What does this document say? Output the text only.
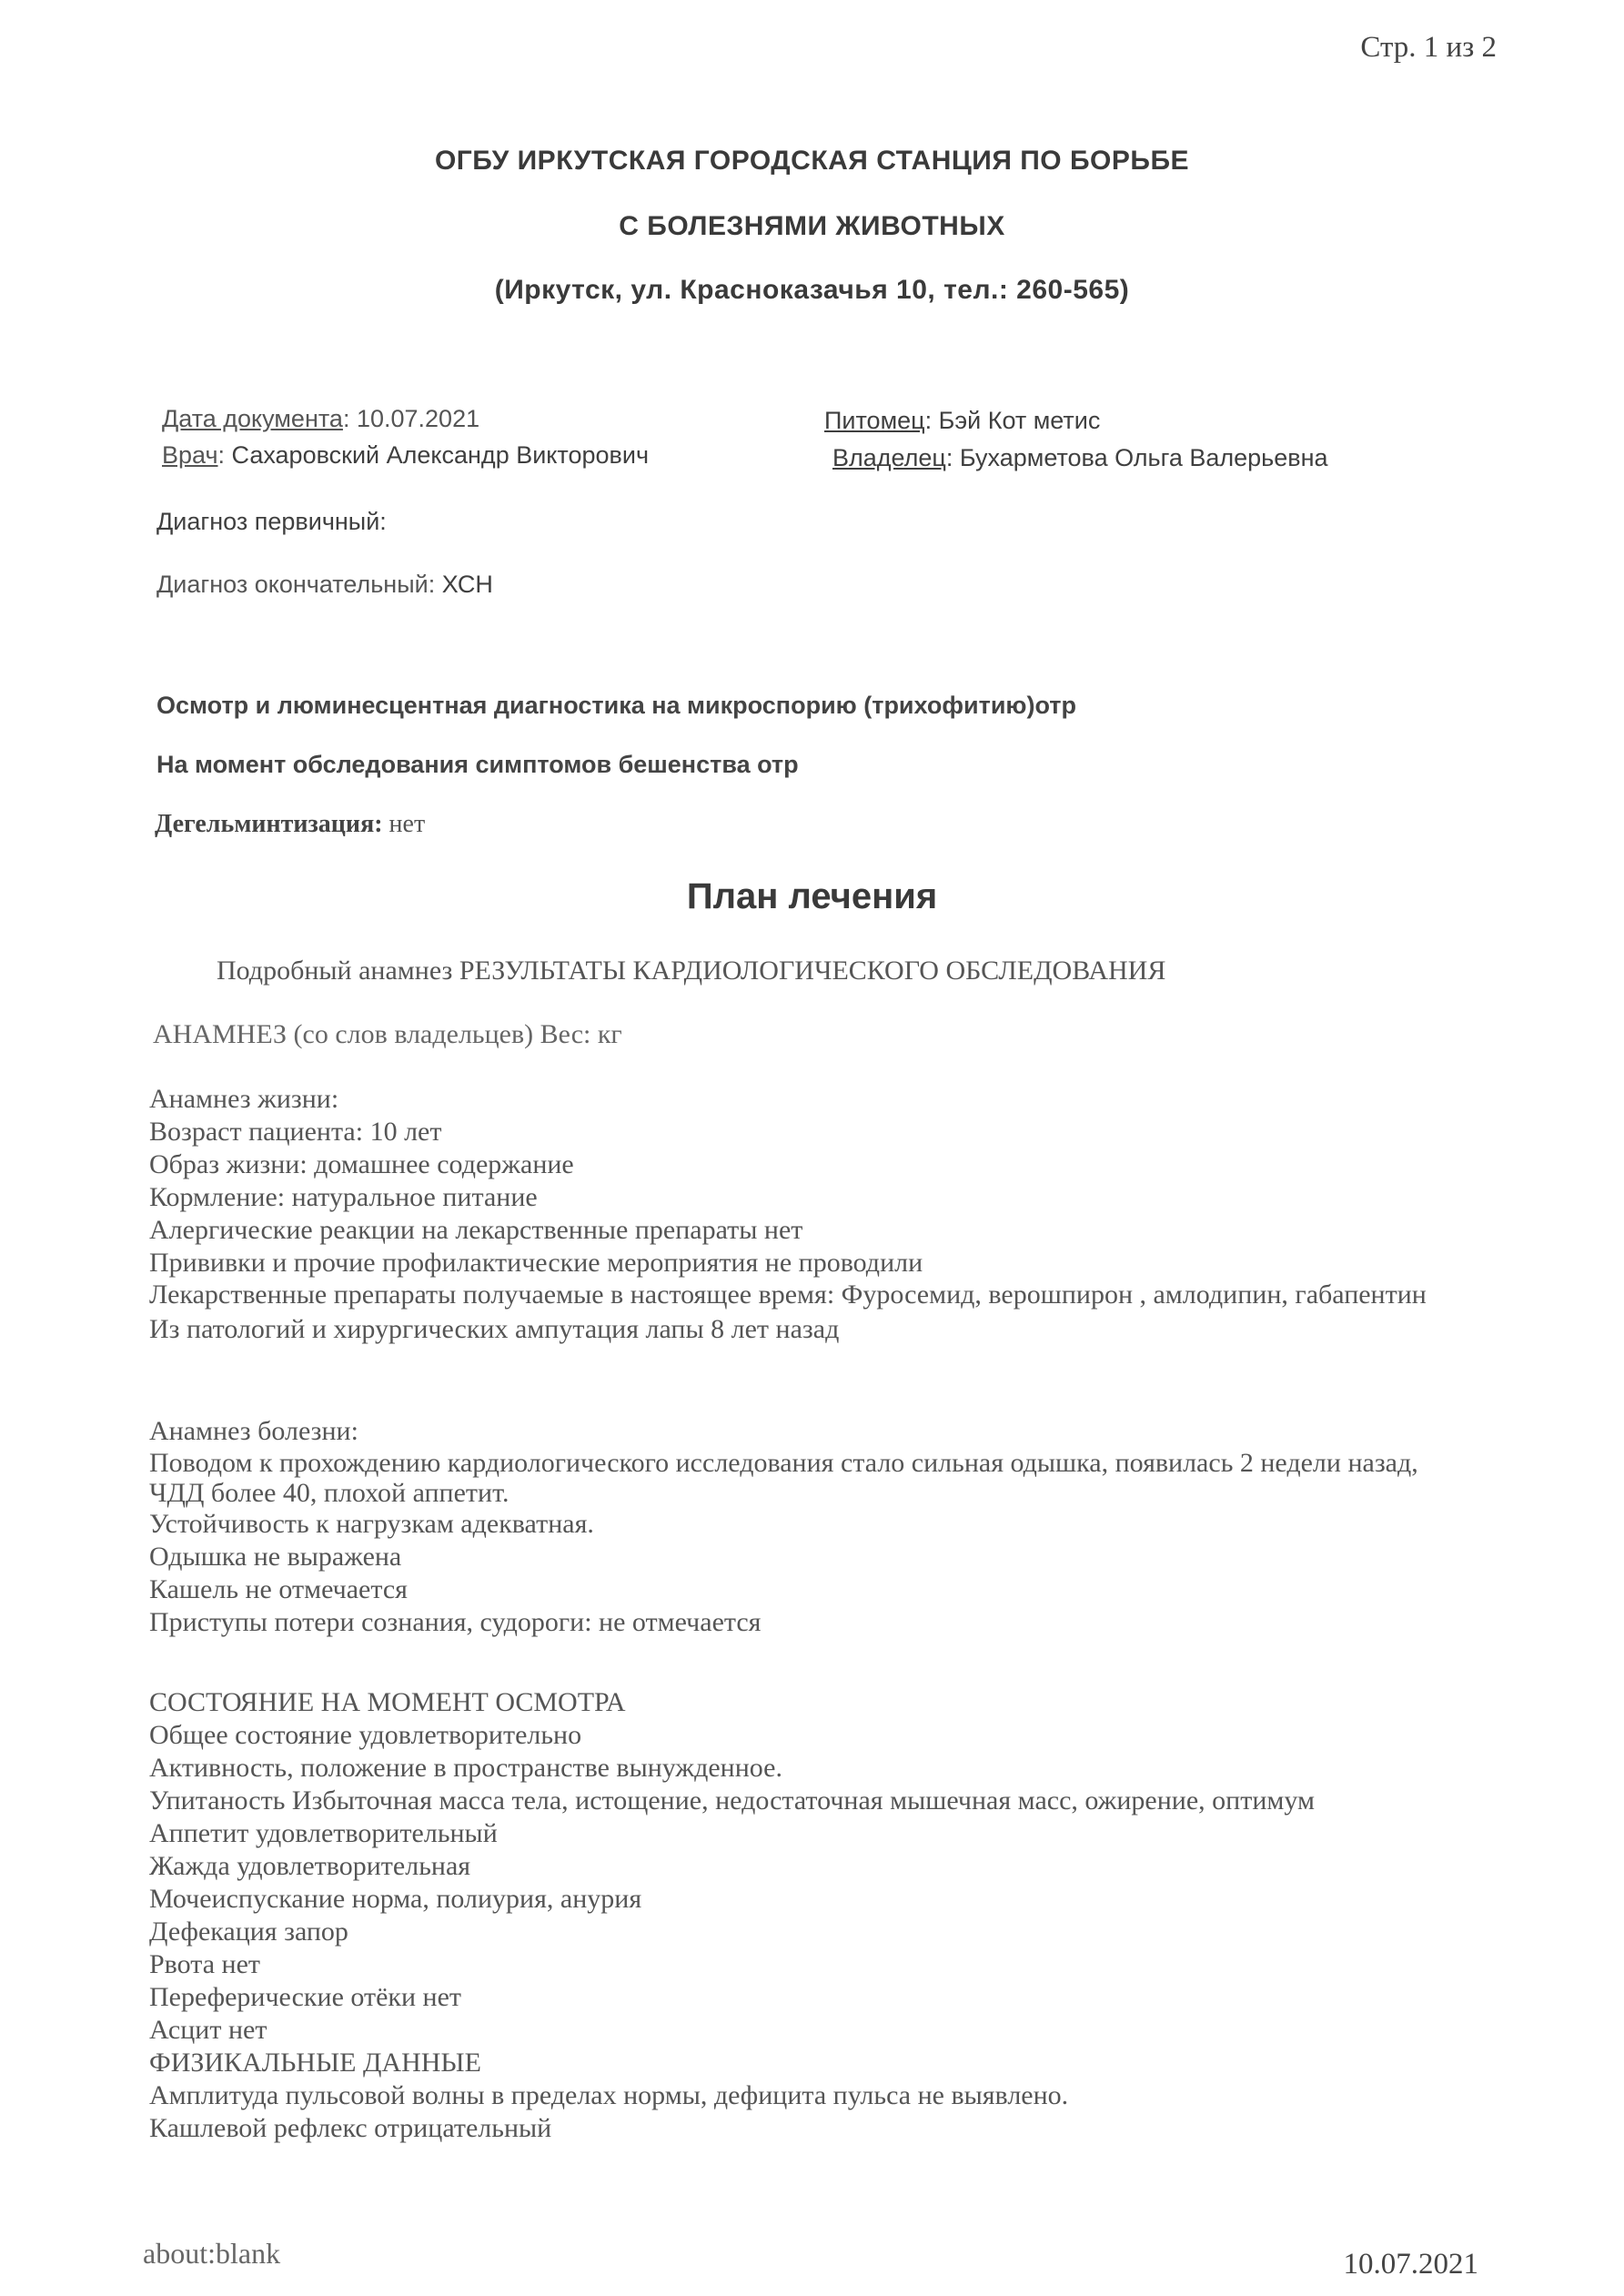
Стр. 1 из 2
ОГБУ ИРКУТСКАЯ ГОРОДСКАЯ СТАНЦИЯ ПО БОРЬБЕ
С БОЛЕЗНЯМИ ЖИВОТНЫХ
(Иркутск, ул. Красноказачья 10, тел.: 260-565)
Дата документа: 10.07.2021
Врач: Сахаровский Александр Викторович
Питомец: Бэй Кот метис
Владелец: Бухарметова Ольга Валерьевна
Диагноз первичный:
Диагноз окончательный: ХСН
Осмотр и люминесцентная диагностика на микроспорию (трихофитию)отр
На момент обследования симптомов бешенства отр
Дегельминтизация: нет
План лечения
Подробный анамнез РЕЗУЛЬТАТЫ КАРДИОЛОГИЧЕСКОГО ОБСЛЕДОВАНИЯ
АНАМНЕЗ (со слов владельцев) Вес: кг
Анамнез жизни:
Возраст пациента: 10 лет
Образ жизни: домашнее содержание
Кормление: натуральное питание
Алергические реакции на лекарственные препараты нет
Прививки и прочие профилактические мероприятия не проводили
Лекарственные препараты получаемые в настоящее время: Фуросемид, верошпирон , амлодипин, габапентин
Из патологий и хирургических ампутация лапы 8 лет назад
Анамнез болезни:
Поводом к прохождению кардиологического исследования стало сильная одышка, появилась 2 недели назад, ЧДД более 40, плохой аппетит.
Устойчивость к нагрузкам адекватная.
Одышка не выражена
Кашель не отмечается
Приступы потери сознания, судороги: не отмечается
СОСТОЯНИЕ НА МОМЕНТ ОСМОТРА
Общее состояние удовлетворительно
Активность, положение в пространстве вынужденное.
Упитаность Избыточная масса тела, истощение, недостаточная мышечная масс, ожирение, оптимум
Аппетит удовлетворительный
Жажда удовлетворительная
Мочеиспускание норма, полиурия, анурия
Дефекация запор
Рвота нет
Переферические отёки нет
Асцит нет
ФИЗИКАЛЬНЫЕ ДАННЫЕ
Амплитуда пульсовой волны в пределах нормы, дефицита пульса не выявлено.
Кашлевой рефлекс отрицательный
about:blank	10.07.2021
